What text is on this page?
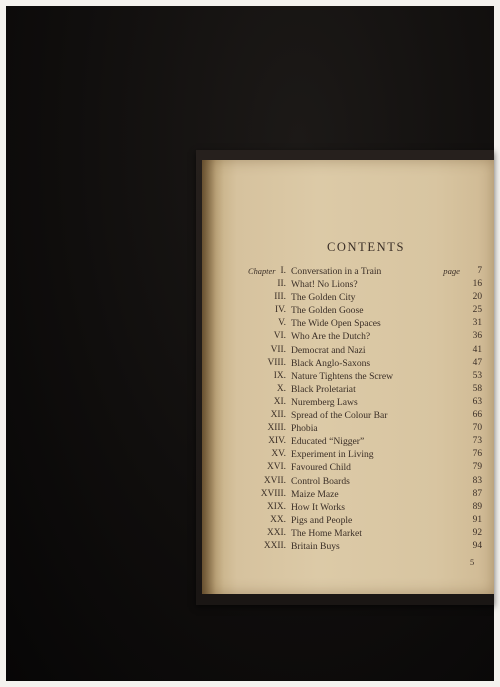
CONTENTS
Chapter I. Conversation in a Train	page 7
II. What! No Lions?	16
III. The Golden City	20
IV. The Golden Goose	25
V. The Wide Open Spaces	31
VI. Who Are the Dutch?	36
VII. Democrat and Nazi	41
VIII. Black Anglo-Saxons	47
IX. Nature Tightens the Screw	53
X. Black Proletariat	58
XI. Nuremberg Laws	63
XII. Spread of the Colour Bar	66
XIII. Phobia	70
XIV. Educated “Nigger”	73
XV. Experiment in Living	76
XVI. Favoured Child	79
XVII. Control Boards	83
XVIII. Maize Maze	87
XIX. How It Works	89
XX. Pigs and People	91
XXI. The Home Market	92
XXII. Britain Buys	94
5
